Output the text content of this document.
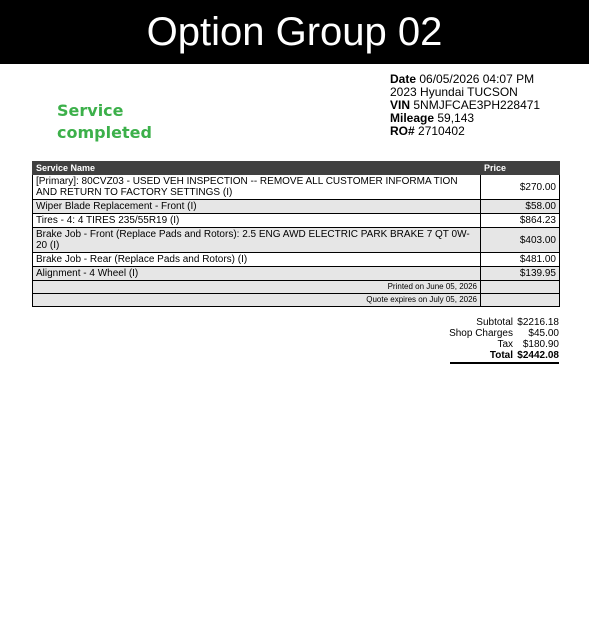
Option Group 02
Service
completed
Date 06/05/2026 04:07 PM
2023 Hyundai TUCSON
VIN 5NMJFCAE3PH228471
Mileage 59,143
RO# 2710402
Service Name	Price
[Primary]: 80CVZ03 - USED VEH INSPECTION -- REMOVE ALL CUSTOMER INFORMA TION AND RETURN TO FACTORY SETTINGS (I)	$270.00
Wiper Blade Replacement - Front (I)	$58.00
Tires - 4: 4 TIRES 235/55R19 (I)	$864.23
Brake Job - Front (Replace Pads and Rotors): 2.5 ENG AWD ELECTRIC PARK BRAKE 7 QT 0W-20 (I)	$403.00
Brake Job - Rear (Replace Pads and Rotors) (I)	$481.00
Alignment - 4 Wheel (I)	$139.95
Printed on June 05, 2026	
Quote expires on July 05, 2026	
Subtotal $2216.18
Shop Charges	$45.00
Tax $180.90
Total $2442.08
